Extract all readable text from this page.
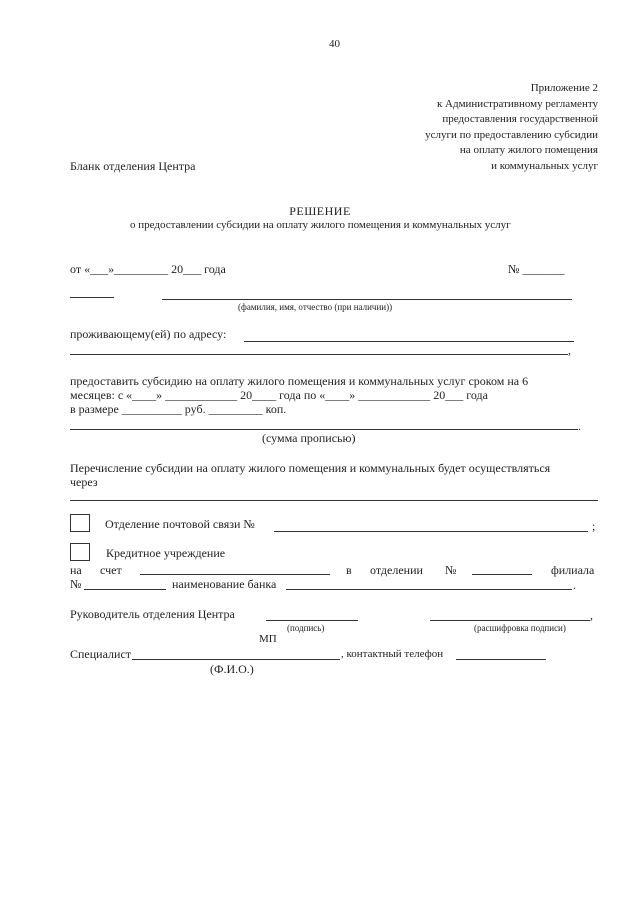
40
Приложение 2
к Административному регламенту
предоставления государственной
услуги по предоставлению субсидии
на оплату жилого помещения
и коммунальных услуг
Бланк отделения Центра
РЕШЕНИЕ
о предоставлении субсидии на оплату жилого помещения и коммунальных услуг
от «___»_________ 20___ года	№ _______
(фамилия, имя, отчество (при наличии))
проживающему(ей) по адресу:
,
предоставить субсидию на оплату жилого помещения и коммунальных услуг сроком на 6
месяцев: с «____» ____________ 20____ года по «____» ____________ 20___ года
в размере __________ руб. _________ коп.
.
(сумма прописью)
Перечисление субсидии на оплату жилого помещения и коммунальных будет осуществляться
через
Отделение почтовой связи №	;
Кредитное учреждение
на счет	в отделении №	филиала
№	наименование банка	.
Руководитель отделения Центра	,
(подпись)	(расшифровка подписи)
МП
Специалист	, контактный телефон
(Ф.И.О.)
